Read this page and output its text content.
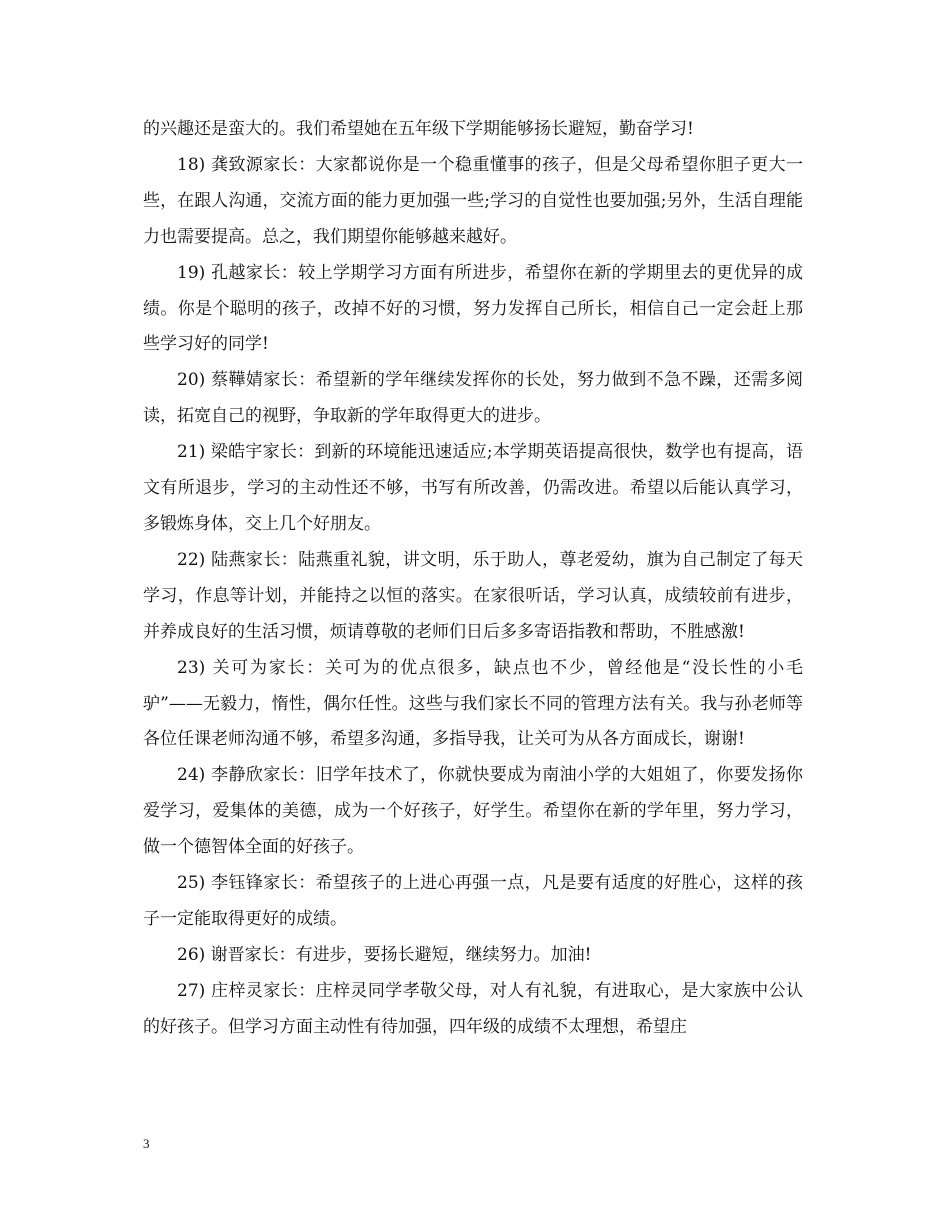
的兴趣还是蛮大的。我们希望她在五年级下学期能够扬长避短，勤奋学习!

18) 龚致源家长：大家都说你是一个稳重懂事的孩子，但是父母希望你胆子更大一些，在跟人沟通，交流方面的能力更加强一些;学习的自觉性也要加强;另外，生活自理能力也需要提高。总之，我们期望你能够越来越好。

19) 孔越家长：较上学期学习方面有所进步，希望你在新的学期里去的更优异的成绩。你是个聪明的孩子，改掉不好的习惯，努力发挥自己所长，相信自己一定会赶上那些学习好的同学!

20) 蔡鞾婧家长：希望新的学年继续发挥你的长处，努力做到不急不躁，还需多阅读，拓宽自己的视野，争取新的学年取得更大的进步。

21) 梁皓宇家长：到新的环境能迅速适应;本学期英语提高很快，数学也有提高，语文有所退步，学习的主动性还不够，书写有所改善，仍需改进。希望以后能认真学习，多锻炼身体，交上几个好朋友。

22) 陆燕家长：陆燕重礼貌，讲文明，乐于助人，尊老爱幼，旗为自己制定了每天学习，作息等计划，并能持之以恒的落实。在家很听话，学习认真，成绩较前有进步，并养成良好的生活习惯，烦请尊敬的老师们日后多多寄语指教和帮助，不胜感激!

23) 关可为家长：关可为的优点很多，缺点也不少，曾经他是“没长性的小毛驴”——无毅力，惰性，偶尔任性。这些与我们家长不同的管理方法有关。我与孙老师等各位任课老师沟通不够，希望多沟通，多指导我，让关可为从各方面成长，谢谢!

24) 李静欣家长：旧学年技术了，你就快要成为南油小学的大姐姐了，你要发扬你爱学习，爱集体的美德，成为一个好孩子，好学生。希望你在新的学年里，努力学习，做一个德智体全面的好孩子。

25) 李钰锋家长：希望孩子的上进心再强一点，凡是要有适度的好胜心，这样的孩子一定能取得更好的成绩。

26) 谢晋家长：有进步，要扬长避短，继续努力。加油!

27) 庄梓灵家长：庄梓灵同学孝敬父母，对人有礼貌，有进取心，是大家族中公认的好孩子。但学习方面主动性有待加强，四年级的成绩不太理想，希望庄

3
